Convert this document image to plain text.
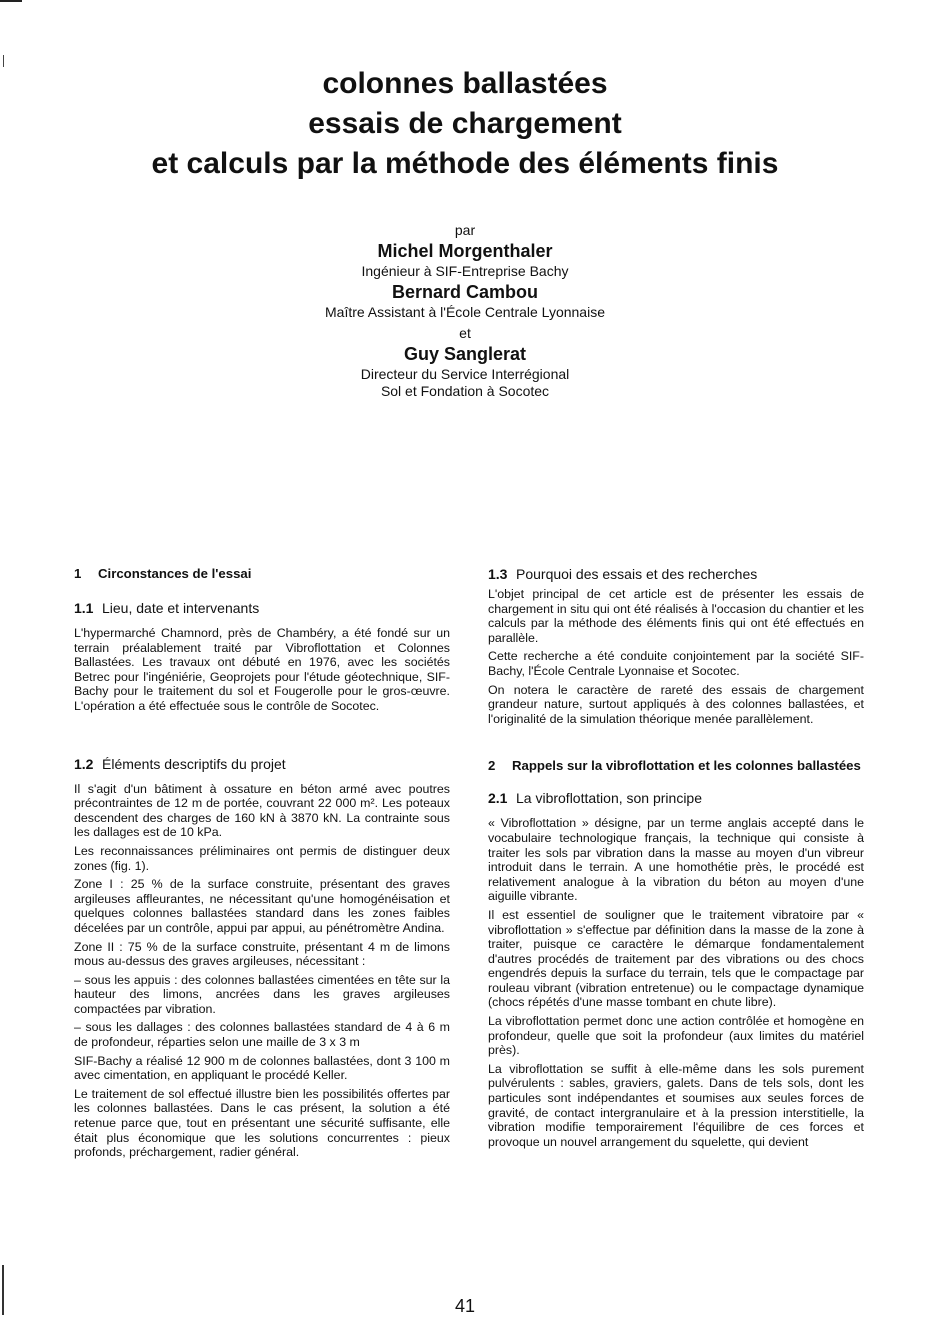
colonnes ballastées
essais de chargement
et calculs par la méthode des éléments finis
par
Michel Morgenthaler
Ingénieur à SIF-Entreprise Bachy
Bernard Cambou
Maître Assistant à l'École Centrale Lyonnaise
et
Guy Sanglerat
Directeur du Service Interrégional
Sol et Fondation à Socotec
1 Circonstances de l'essai
1.1 Lieu, date et intervenants

L'hypermarché Chamnord, près de Chambéry, a été fondé sur un terrain préalablement traité par Vibroflottation et Colonnes Ballastées. Les travaux ont débuté en 1976, avec les sociétés Betrec pour l'ingéniérie, Geoprojets pour l'étude géotechnique, SIF-Bachy pour le traitement du sol et Fougerolle pour le gros-œuvre. L'opération a été effectuée sous le contrôle de Socotec.

1.2 Éléments descriptifs du projet

Il s'agit d'un bâtiment à ossature en béton armé avec poutres précontraintes de 12 m de portée, couvrant 22 000 m². Les poteaux descendent des charges de 160 kN à 3870 kN. La contrainte sous les dallages est de 10 kPa.

Les reconnaissances préliminaires ont permis de distinguer deux zones (fig. 1).

Zone I : 25 % de la surface construite, présentant des graves argileuses affleurantes, ne nécessitant qu'une homogénéisation et quelques colonnes ballastées standard dans les zones faibles décelées par un contrôle, appui par appui, au pénétromètre Andina.

Zone II : 75 % de la surface construite, présentant 4 m de limons mous au-dessus des graves argileuses, nécessitant :

– sous les appuis : des colonnes ballastées cimentées en tête sur la hauteur des limons, ancrées dans les graves argileuses compactées par vibration.

– sous les dallages : des colonnes ballastées standard de 4 à 6 m de profondeur, réparties selon une maille de 3 x 3 m

SIF-Bachy a réalisé 12 900 m de colonnes ballastées, dont 3 100 m avec cimentation, en appliquant le procédé Keller.

Le traitement de sol effectué illustre bien les possibilités offertes par les colonnes ballastées. Dans le cas présent, la solution a été retenue parce que, tout en présentant une sécurité suffisante, elle était plus économique que les solutions concurrentes : pieux profonds, préchargement, radier général.

1.3 Pourquoi des essais et des recherches

L'objet principal de cet article est de présenter les essais de chargement in situ qui ont été réalisés à l'occasion du chantier et les calculs par la méthode des éléments finis qui ont été effectués en parallèle.

Cette recherche a été conduite conjointement par la société SIF-Bachy, l'École Centrale Lyonnaise et Socotec.

On notera le caractère de rareté des essais de chargement grandeur nature, surtout appliqués à des colonnes ballastées, et l'originalité de la simulation théorique menée parallèlement.

2	Rappels sur la vibroflottation et les colonnes ballastées
2.1 La vibroflottation, son principe

« Vibroflottation » désigne, par un terme anglais accepté dans le vocabulaire technologique français, la technique qui consiste à traiter les sols par vibration dans la masse au moyen d'un vibreur introduit dans le terrain. A une homothétie près, le procédé est relativement analogue à la vibration du béton au moyen d'une aiguille vibrante.

Il est essentiel de souligner que le traitement vibratoire par « vibroflottation » s'effectue par définition dans la masse de la zone à traiter, puisque ce caractère le démarque fondamentalement d'autres procédés de traitement par des vibrations ou des chocs engendrés depuis la surface du terrain, tels que le compactage par rouleau vibrant (vibration entretenue) ou le compactage dynamique (chocs répétés d'une masse tombant en chute libre).

La vibroflottation permet donc une action contrôlée et homogène en profondeur, quelle que soit la profondeur (aux limites du matériel près).

La vibroflottation se suffit à elle-même dans les sols purement pulvérulents : sables, graviers, galets. Dans de tels sols, dont les particules sont indépendantes et soumises aux seules forces de gravité, de contact intergranulaire et à la pression interstitielle, la vibration modifie temporairement l'équilibre de ces forces et provoque un nouvel arrangement du squelette, qui devient

41
